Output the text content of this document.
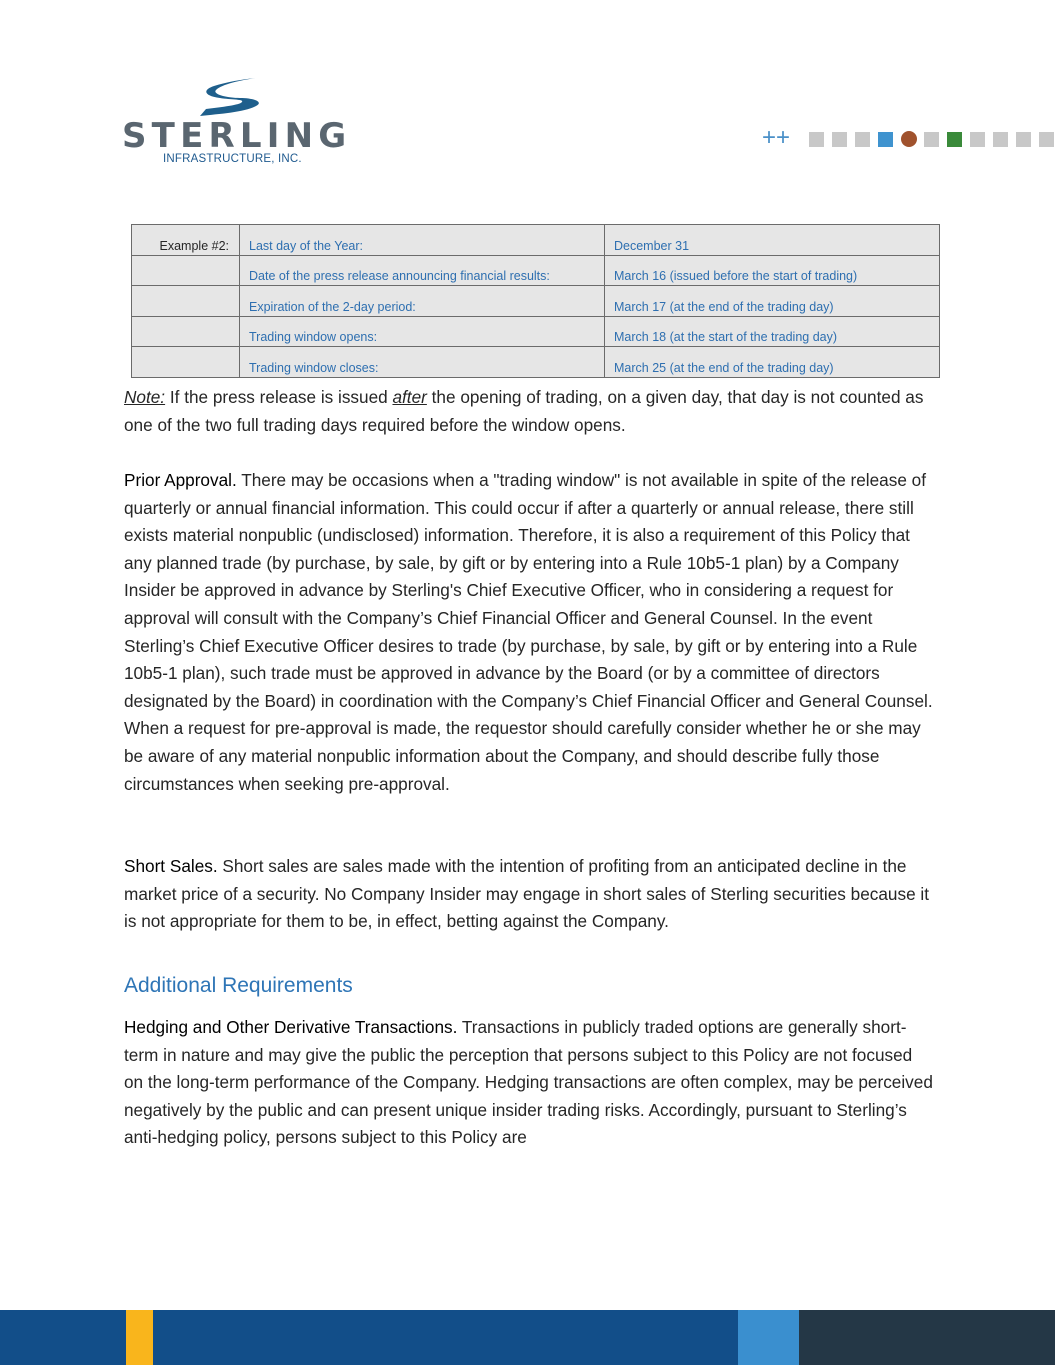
STERLING
INFRASTRUCTURE, INC.
++
Example #2:	Last day of the Year:	December 31
	Date of the press release announcing financial results:	March 16 (issued before the start of trading)
	Expiration of the 2-day period:	March 17 (at the end of the trading day)
	Trading window opens:	March 18 (at the start of the trading day)
	Trading window closes:	March 25 (at the end of the trading day)

Note: If the press release is issued after the opening of trading, on a given day, that day is not counted as one of the two full trading days required before the window opens.

Prior Approval. There may be occasions when a "trading window" is not available in spite of the release of quarterly or annual financial information. This could occur if after a quarterly or annual release, there still exists material nonpublic (undisclosed) information. Therefore, it is also a requirement of this Policy that any planned trade (by purchase, by sale, by gift or by entering into a Rule 10b5-1 plan) by a Company Insider be approved in advance by Sterling's Chief Executive Officer, who in considering a request for approval will consult with the Company’s Chief Financial Officer and General Counsel. In the event Sterling’s Chief Executive Officer desires to trade (by purchase, by sale, by gift or by entering into a Rule 10b5-1 plan), such trade must be approved in advance by the Board (or by a committee of directors designated by the Board) in coordination with the Company’s Chief Financial Officer and General Counsel. When a request for pre-approval is made, the requestor should carefully consider whether he or she may be aware of any material nonpublic information about the Company, and should describe fully those circumstances when seeking pre-approval.

Short Sales. Short sales are sales made with the intention of profiting from an anticipated decline in the market price of a security. No Company Insider may engage in short sales of Sterling securities because it is not appropriate for them to be, in effect, betting against the Company.

Additional Requirements

Hedging and Other Derivative Transactions. Transactions in publicly traded options are generally short-term in nature and may give the public the perception that persons subject to this Policy are not focused on the long-term performance of the Company. Hedging transactions are often complex, may be perceived negatively by the public and can present unique insider trading risks. Accordingly, pursuant to Sterling’s anti-hedging policy, persons subject to this Policy are
